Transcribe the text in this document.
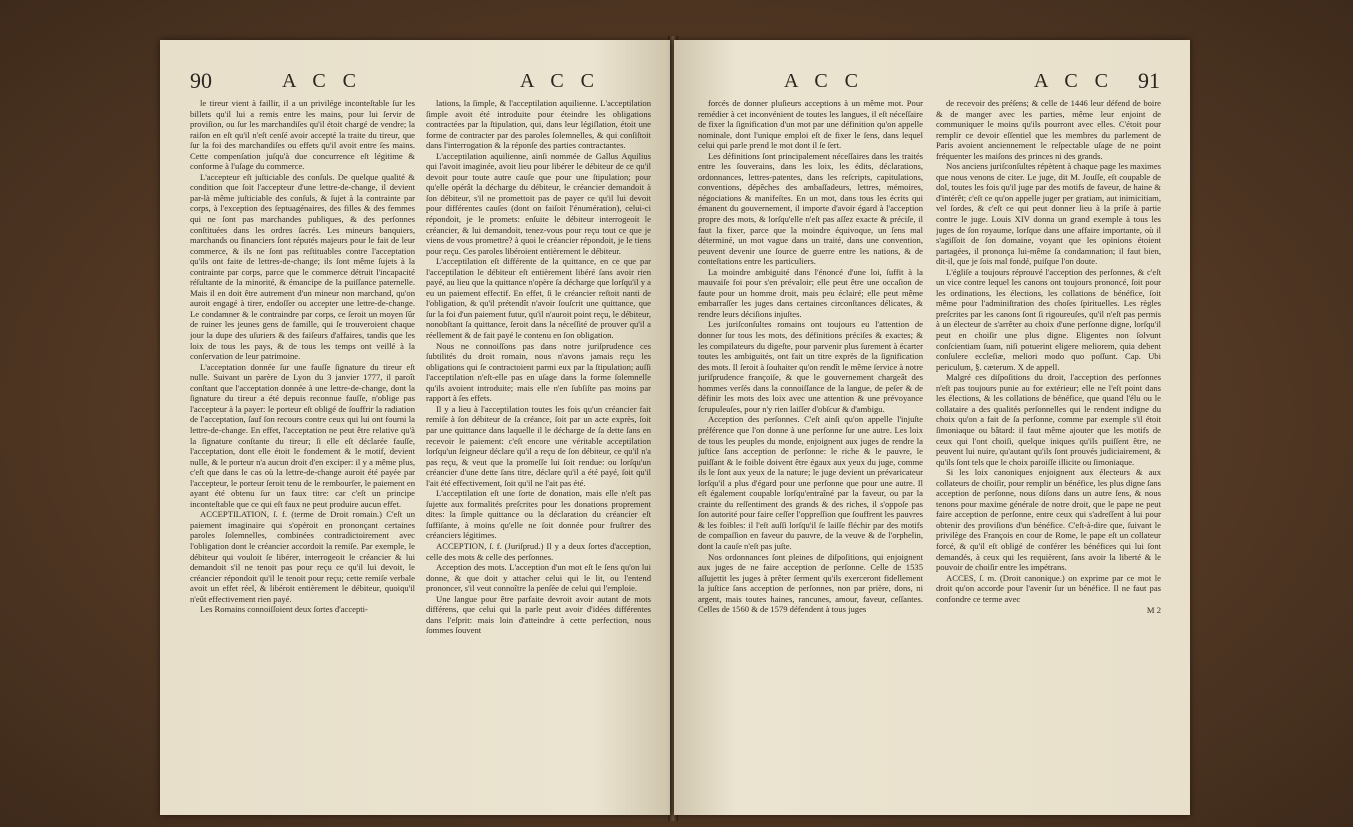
90	A C C	A C C

le tireur vient à faillir, il a un privilége inconteſtable ſur les billets qu'il lui a remis entre les mains, pour lui ſervir de proviſion, ou ſur les marchandiſes qu'il étoit chargé de vendre; la raiſon en eſt qu'il n'eſt cenſé avoir accepté la traite du tireur, que ſur la foi des marchandiſes ou effets qu'il avoit entre ſes mains. Cette compenſation juſqu'à due concurrence eſt légitime & conforme à l'uſage du commerce.

L'accepteur eſt juſticiable des conſuls. De quelque qualité & condition que ſoit l'accepteur d'une lettre-de-change, il devient par-là même juſticiable des conſuls, & ſujet à la contrainte par corps, à l'exception des ſeptuagénaires, des filles & des femmes qui ne ſont pas marchandes publiques, & des perſonnes conſtituées dans les ordres ſacrés. Les mineurs banquiers, marchands ou financiers ſont réputés majeurs pour le fait de leur commerce, & ils ne ſont pas reſtituables contre l'acceptation qu'ils ont faite de lettres-de-change; ils ſont même ſujets à la contrainte par corps, parce que le commerce détruit l'incapacité réſultante de la minorité, & émancipe de la puiſſance paternelle. Mais il en doit être autrement d'un mineur non marchand, qu'on auroit engagé à tirer, endoſſer ou accepter une lettre-de-change. Le condamner & le contraindre par corps, ce ſeroit un moyen ſûr de ruiner les jeunes gens de famille, qui ſe trouveroient chaque jour la dupe des uſuriers & des faiſeurs d'affaires, tandis que les loix de tous les pays, & de tous les temps ont veillé à la conſervation de leur patrimoine.

L'acceptation donnée ſur une fauſſe ſignature du tireur eſt nulle. Suivant un parère de Lyon du 3 janvier 1777, il paroît conſtant que l'acceptation donnée à une lettre-de-change, dont la ſignature du tireur a été depuis reconnue fauſſe, n'oblige pas l'accepteur à la payer: le porteur eſt obligé de ſouffrir la radiation de l'acceptation, ſauf ſon recours contre ceux qui lui ont fourni la lettre-de-change. En effet, l'acceptation ne peut être relative qu'à la ſignature conſtante du tireur; ſi elle eſt déclarée fauſſe, l'acceptation, dont elle étoit le fondement & le motif, devient nulle, & le porteur n'a aucun droit d'en exciper: il y a même plus, c'eſt que dans le cas où la lettre-de-change auroit été payée par l'accepteur, le porteur ſeroit tenu de le rembourſer, le paiement en ayant été obtenu ſur un faux titre: car c'eſt un principe inconteſtable que ce qui eſt faux ne peut produire aucun effet.

ACCEPTILATION, ſ. f. (terme de Droit romain.) C'eſt un paiement imaginaire qui s'opéroit en prononçant certaines paroles ſolemnelles, combinées contradictoirement avec l'obligation dont le créancier accordoit la remiſe. Par exemple, le débiteur qui vouloit ſe libérer, interrogeoit le créancier & lui demandoit s'il ne tenoit pas pour reçu ce qu'il lui devoit, le créancier répondoit qu'il le tenoit pour reçu; cette remiſe verbale avoit un effet réel, & libéroit entièrement le débiteur, quoiqu'il n'eût effectivement rien payé.

Les Romains connoiſſoient deux ſortes d'accepti-

lations, la ſimple, & l'acceptilation aquilienne. L'acceptilation ſimple avoit été introduite pour éteindre les obligations contractées par la ſtipulation, qui, dans leur légiſlation, étoit une forme de contracter par des paroles ſolemnelles, & qui conſiſtoit dans l'interrogation & la réponſe des parties contractantes.

L'acceptilation aquilienne, ainſi nommée de Gallus Aquilius qui l'avoit imaginée, avoit lieu pour libérer le débiteur de ce qu'il devoit pour toute autre cauſe que pour une ſtipulation; pour qu'elle opérât la décharge du débiteur, le créancier demandoit à ſon débiteur, s'il ne promettoit pas de payer ce qu'il lui devoit pour différentes cauſes (dont on faiſoit l'énumération), celui-ci répondoit, je le promets: enſuite le débiteur interrogeoit le créancier, & lui demandoit, tenez-vous pour reçu tout ce que je viens de vous promettre? à quoi le créancier répondoit, je le tiens pour reçu. Ces paroles libéroient entièrement le débiteur.

L'acceptilation eſt différente de la quittance, en ce que par l'acceptilation le débiteur eſt entièrement libéré ſans avoir rien payé, au lieu que la quittance n'opère ſa décharge que lorſqu'il y a eu un paiement effectif. En effet, ſi le créancier reſtoit nanti de l'obligation, & qu'il prétendît n'avoir ſouſcrit une quittance, que ſur la foi d'un paiement futur, qu'il n'auroit point reçu, le débiteur, nonobſtant ſa quittance, ſeroit dans la néceſſité de prouver qu'il a réellement & de fait payé le contenu en ſon obligation.

Nous ne connoiſſons pas dans notre juriſprudence ces ſubtilités du droit romain, nous n'avons jamais reçu les obligations qui ſe contractoient parmi eux par la ſtipulation; auſſi l'acceptilation n'eſt-elle pas en uſage dans la forme ſolemnelle qu'ils avoient introduite; mais elle n'en ſubſiſte pas moins par rapport à ſes effets.

Il y a lieu à l'acceptilation toutes les fois qu'un créancier fait remiſe à ſon débiteur de ſa créance, ſoit par un acte exprès, ſoit par une quittance dans laquelle il le décharge de ſa dette ſans en recevoir le paiement: c'eſt encore une véritable acceptilation lorſqu'un ſeigneur déclare qu'il a reçu de ſon débiteur, ce qu'il n'a pas reçu, & veut que la promeſſe lui ſoit rendue: ou lorſqu'un créancier d'une dette ſans titre, déclare qu'il a été payé, ſoit qu'il l'ait été effectivement, ſoit qu'il ne l'ait pas été.

L'acceptilation eſt une ſorte de donation, mais elle n'eſt pas ſujette aux formalités preſcrites pour les donations proprement dites: la ſimple quittance ou la déclaration du créancier eſt ſuffiſante, à moins qu'elle ne ſoit donnée pour fruſtrer des créanciers légitimes.

ACCEPTION, ſ. f. (Juriſprud.) Il y a deux ſortes d'acception, celle des mots & celle des perſonnes.

Acception des mots. L'acception d'un mot eſt le ſens qu'on lui donne, & que doit y attacher celui qui le lit, ou l'entend prononcer, s'il veut connoître la penſée de celui qui l'emploie.

Une langue pour être parfaite devroit avoir autant de mots différens, que celui qui la parle peut avoir d'idées différentes dans l'eſprit: mais loin d'atteindre à cette perfection, nous ſommes ſouvent

A C C	A C C 91

forcés de donner pluſieurs acceptions à un même mot. Pour remédier à cet inconvénient de toutes les langues, il eſt néceſſaire de fixer la ſignification d'un mot par une définition qu'on appelle nominale, dont l'unique emploi eſt de fixer le ſens, dans lequel celui qui parle prend le mot dont il ſe ſert.

Les définitions ſont principalement néceſſaires dans les traités entre les ſouverains, dans les loix, les édits, déclarations, ordonnances, lettres-patentes, dans les reſcripts, capitulations, conventions, dépêches des ambaſſadeurs, lettres, mémoires, négociations & manifeſtes. En un mot, dans tous les écrits qui émanent du gouvernement, il importe d'avoir égard à l'acception propre des mots, & lorſqu'elle n'eſt pas aſſez exacte & préciſe, il faut la fixer, parce que la moindre équivoque, un ſens mal déterminé, un mot vague dans un traité, dans une convention, peuvent devenir une ſource de guerre entre les nations, & de conteſtations entre les particuliers.

La moindre ambiguité dans l'énoncé d'une loi, ſuffit à la mauvaiſe foi pour s'en prévaloir; elle peut être une occaſion de faute pour un homme droit, mais peu éclairé; elle peut même embarraſſer les juges dans certaines circonſtances délicates, & rendre leurs déciſions injuſtes.

Les juriſconſultes romains ont toujours eu l'attention de donner ſur tous les mots, des définitions préciſes & exactes; & les compilateurs du digeſte, pour parvenir plus ſurement à écarter toutes les ambiguités, ont fait un titre exprès de la ſignification des mots. Il ſeroit à ſouhaiter qu'on rendît le même ſervice à notre juriſprudence françoiſe, & que le gouvernement chargeât des hommes verſés dans la connoiſſance de la langue, de peſer & de définir les mots des loix avec une attention & une prévoyance ſcrupuleuſes, pour n'y rien laiſſer d'obſcur & d'ambigu.

Acception des perſonnes. C'eſt ainſi qu'on appelle l'injuſte préférence que l'on donne à une perſonne ſur une autre. Les loix de tous les peuples du monde, enjoignent aux juges de rendre la juſtice ſans acception de perſonne: le riche & le pauvre, le puiſſant & le foible doivent être égaux aux yeux du juge, comme ils le ſont aux yeux de la nature; le juge devient un prévaricateur lorſqu'il a plus d'égard pour une perſonne que pour une autre. Il eſt également coupable lorſqu'entraîné par la faveur, ou par la crainte du reſſentiment des grands & des riches, il s'oppoſe pas ſon autorité pour faire ceſſer l'oppreſſion que ſouffrent les pauvres & les foibles: il l'eſt auſſi lorſqu'il ſe laiſſe fléchir par des motifs de compaſſion en faveur du pauvre, de la veuve & de l'orphelin, dont la cauſe n'eſt pas juſte.

Nos ordonnances ſont pleines de diſpoſitions, qui enjoignent aux juges de ne faire acception de perſonne. Celle de 1535 aſſujettit les juges à prêter ſerment qu'ils exerceront fidellement la juſtice ſans acception de perſonnes, non par prière, dons, ni argent, mais toutes haines, rancunes, amour, faveur, ceſſantes. Celles de 1560 & de 1579 défendent à tous juges

de recevoir des préſens; & celle de 1446 leur défend de boire & de manger avec les parties, même leur enjoint de communiquer le moins qu'ils pourront avec elles. C'étoit pour remplir ce devoir eſſentiel que les membres du parlement de Paris avoient anciennement le reſpectable uſage de ne point fréquenter les maiſons des princes ni des grands.

Nos anciens juriſconſultes répètent à chaque page les maximes que nous venons de citer. Le juge, dit M. Jouſſe, eſt coupable de dol, toutes les fois qu'il juge par des motifs de faveur, de haine & d'intérêt; c'eſt ce qu'on appelle juger per gratiam, aut inimicitiam, vel ſordes, & c'eſt ce qui peut donner lieu à la priſe à partie contre le juge. Louis XIV donna un grand exemple à tous les juges de ſon royaume, lorſque dans une affaire importante, où il s'agiſſoit de ſon domaine, voyant que les opinions étoient partagées, il prononça lui-même ſa condamnation; il faut bien, dit-il, que je ſois mal fondé, puiſque l'on doute.

L'égliſe a toujours réprouvé l'acception des perſonnes, & c'eſt un vice contre lequel les canons ont toujours prononcé, ſoit pour les ordinations, les élections, les collations de bénéfice, ſoit même pour l'adminiſtration des choſes ſpirituelles. Les règles preſcrites par les canons ſont ſi rigoureuſes, qu'il n'eſt pas permis à un électeur de s'arrêter au choix d'une perſonne digne, lorſqu'il peut en choiſir une plus digne. Eligentes non ſolvunt conſcientiam ſuam, niſi potuerint eligere meliorem, quia debent conſulere eccleſiæ, meliori modo quo poſſunt. Cap. Ubi periculum, §. cæterum. X de appell.

Malgré ces diſpoſitions du droit, l'acception des perſonnes n'eſt pas toujours punie au for extérieur; elle ne l'eſt point dans les élections, & les collations de bénéfice, que quand l'élu ou le collataire a des qualités perſonnelles qui le rendent indigne du choix qu'on a fait de ſa perſonne, comme par exemple s'il étoit ſimoniaque ou bâtard: il faut même ajouter que les motifs de ceux qui l'ont choiſi, quelque iniques qu'ils puiſſent être, ne peuvent lui nuire, qu'autant qu'ils ſont prouvés judiciairement, & qu'ils ſont tels que le choix paroiſſe illicite ou ſimoniaque.

Si les loix canoniques enjoignent aux électeurs & aux collateurs de choiſir, pour remplir un bénéfice, les plus digne ſans acception de perſonne, nous diſons dans un autre ſens, & nous tenons pour maxime générale de notre droit, que le pape ne peut faire acception de perſonne, entre ceux qui s'adreſſent à lui pour obtenir des proviſions d'un bénéfice. C'eſt-à-dire que, ſuivant le privilège des François en cour de Rome, le pape eſt un collateur forcé, & qu'il eſt obligé de conférer les bénéfices qui lui ſont demandés, à ceux qui les requièrent, ſans avoir la liberté & le pouvoir de choiſir entre les impétrans.

ACCES, ſ. m. (Droit canonique.) on exprime par ce mot le droit qu'on accorde pour l'avenir ſur un bénéfice. Il ne faut pas confondre ce terme avec

M 2
